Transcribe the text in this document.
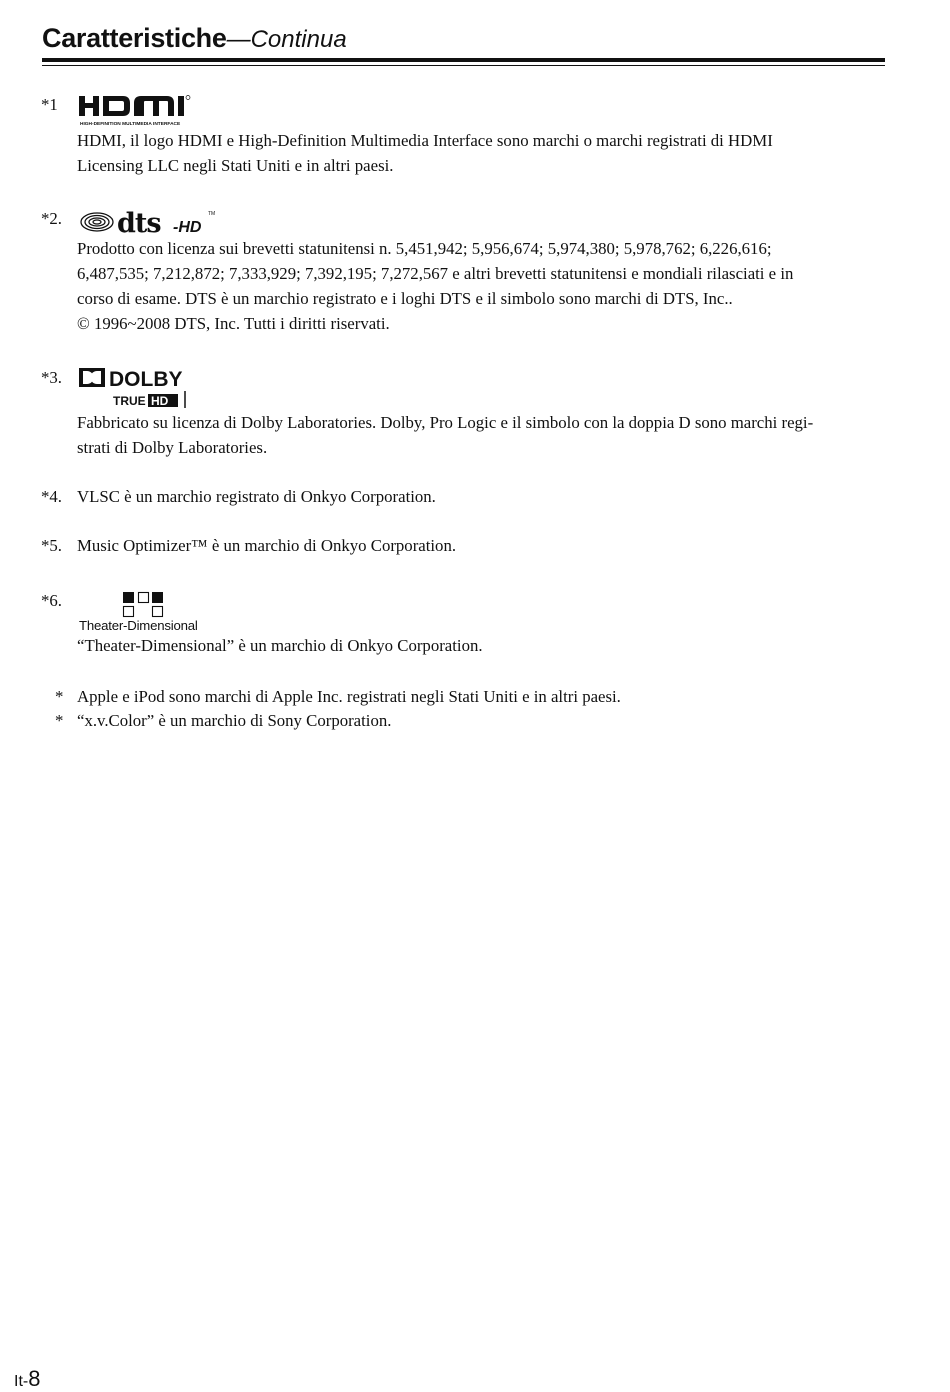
Caratteristiche—Continua
*1
HIGH-DEFINITION MULTIMEDIA INTERFACE
HDMI, il logo HDMI e High-Definition Multimedia Interface sono marchi o marchi registrati di HDMI
Licensing LLC negli Stati Uniti e in altri paesi.
*2. dts -HD
TM
Prodotto con licenza sui brevetti statunitensi n. 5,451,942; 5,956,674; 5,974,380; 5,978,762; 6,226,616;
6,487,535; 7,212,872; 7,333,929; 7,392,195; 7,272,567 e altri brevetti statunitensi e mondiali rilasciati e in
corso di esame. DTS è un marchio registrato e i loghi DTS e il simbolo sono marchi di DTS, Inc..
© 1996~2008 DTS, Inc. Tutti i diritti riservati.
*3. DOLBY
TRUE HD
Fabbricato su licenza di Dolby Laboratories. Dolby, Pro Logic e il simbolo con la doppia D sono marchi regi-
strati di Dolby Laboratories.
*4. VLSC è un marchio registrato di Onkyo Corporation.
*5. Music Optimizer™ è un marchio di Onkyo Corporation.
*6.
Theater-Dimensional
“Theater-Dimensional” è un marchio di Onkyo Corporation.
* Apple e iPod sono marchi di Apple Inc. registrati negli Stati Uniti e in altri paesi.
* “x.v.Color” è un marchio di Sony Corporation.
It-8
